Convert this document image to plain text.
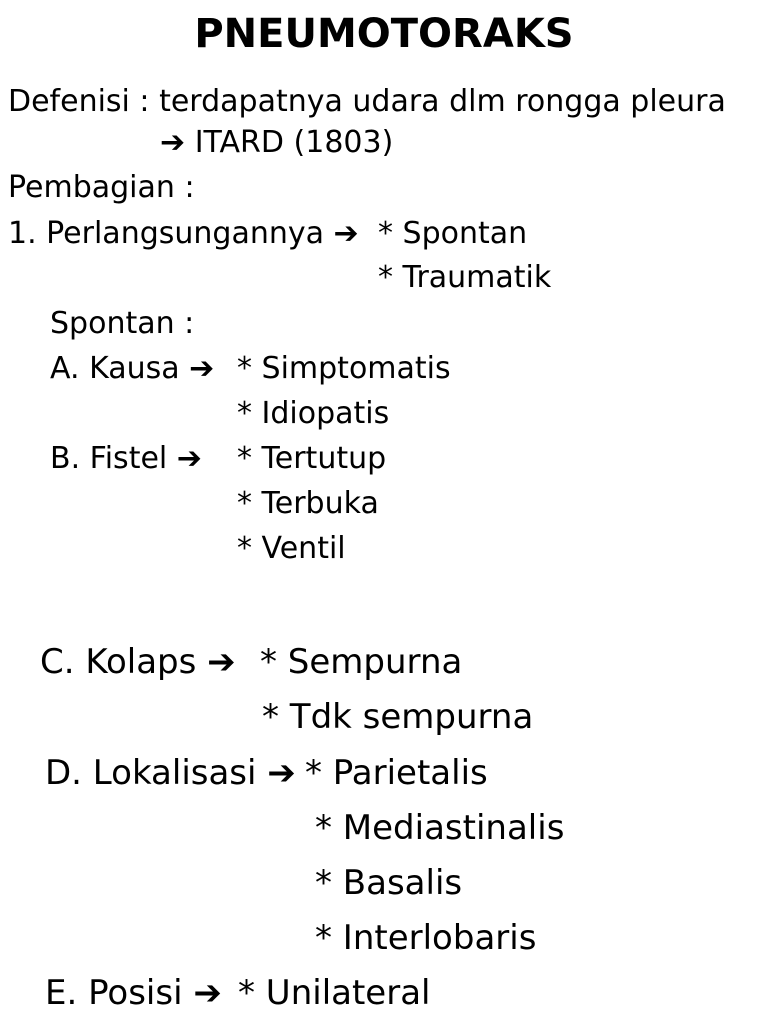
PNEUMOTORAKS
Defenisi : terdapatnya udara dlm rongga pleura
➔ ITARD (1803)
Pembagian :
1. Perlangsungannya ➔ * Spontan
* Traumatik
Spontan :
A. Kausa ➔ * Simptomatis
* Idiopatis
B. Fistel ➔ * Tertutup
* Terbuka
* Ventil
C. Kolaps ➔ * Sempurna
* Tdk sempurna
D. Lokalisasi ➔ * Parietalis
* Mediastinalis
* Basalis
* Interlobaris
E. Posisi ➔ * Unilateral
